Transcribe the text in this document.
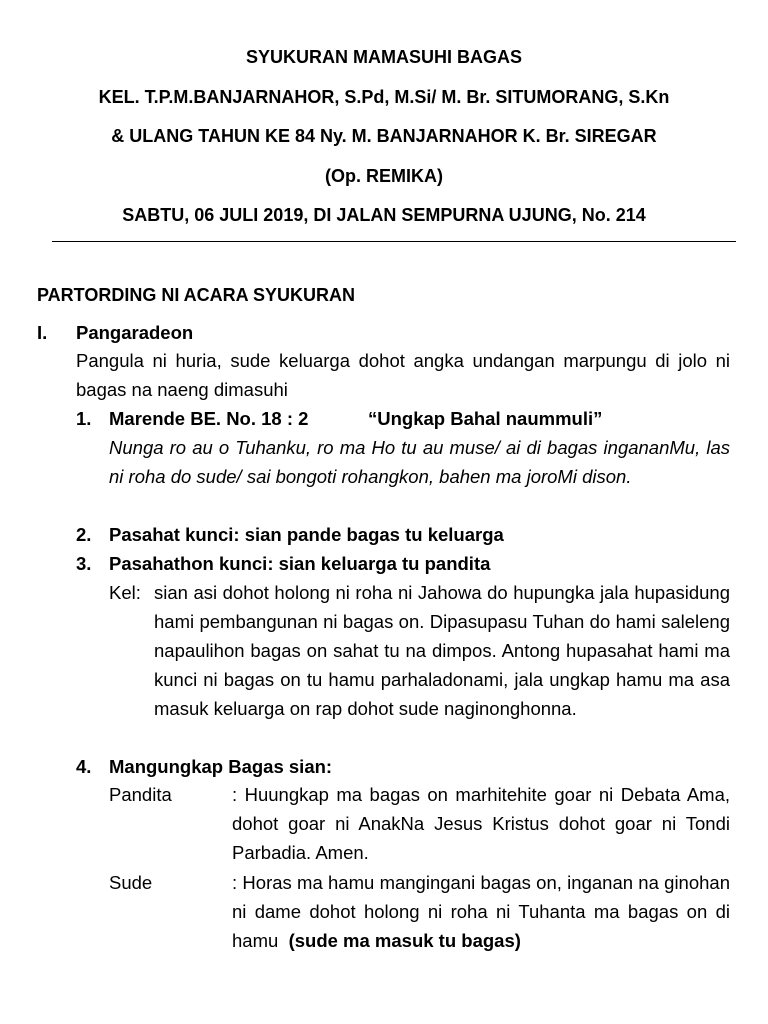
SYUKURAN MAMASUHI BAGAS
KEL. T.P.M.BANJARNAHOR, S.Pd, M.Si/ M. Br. SITUMORANG, S.Kn
& ULANG TAHUN KE 84 Ny. M. BANJARNAHOR K. Br. SIREGAR
(Op. REMIKA)
SABTU, 06 JULI 2019, DI JALAN SEMPURNA UJUNG, No. 214
PARTORDING NI ACARA SYUKURAN
I. Pangaradeon
Pangula ni huria, sude keluarga dohot angka undangan marpungu di jolo ni bagas na naeng dimasuhi
1. Marende BE. No. 18 : 2	“Ungkap Bahal naummuli”
Nunga ro au o Tuhanku, ro ma Ho tu au muse/ ai di bagas inganan​Mu, las ni roha do sude/ sai bongoti rohangkon, bahen ma joro​Mi dison.
2. Pasahat kunci: sian pande bagas tu keluarga
3. Pasahathon kunci: sian keluarga tu pandita
Kel: sian asi dohot holong ni roha ni Jahowa do hupungka jala hupasidung hami pembangunan ni bagas on. Dipasupasu Tuhan do hami saleleng napaulihon bagas on sahat tu na dimpos. Antong hupasahat hami ma kunci ni bagas on tu hamu parhaladonami, jala ungkap hamu ma asa masuk keluarga on rap dohot sude naginonghonna.
4. Mangungkap Bagas sian:
Pandita	: Huungkap ma bagas on marhitehite goar ni Debata Ama, dohot goar ni AnakNa Jesus Kristus dohot goar ni Tondi Parbadia. Amen.
Sude	: Horas ma hamu mangingani bagas on, inganan na ginohan ni dame dohot holong ni roha ni Tuhanta ma bagas on di hamu (sude ma masuk tu bagas)
